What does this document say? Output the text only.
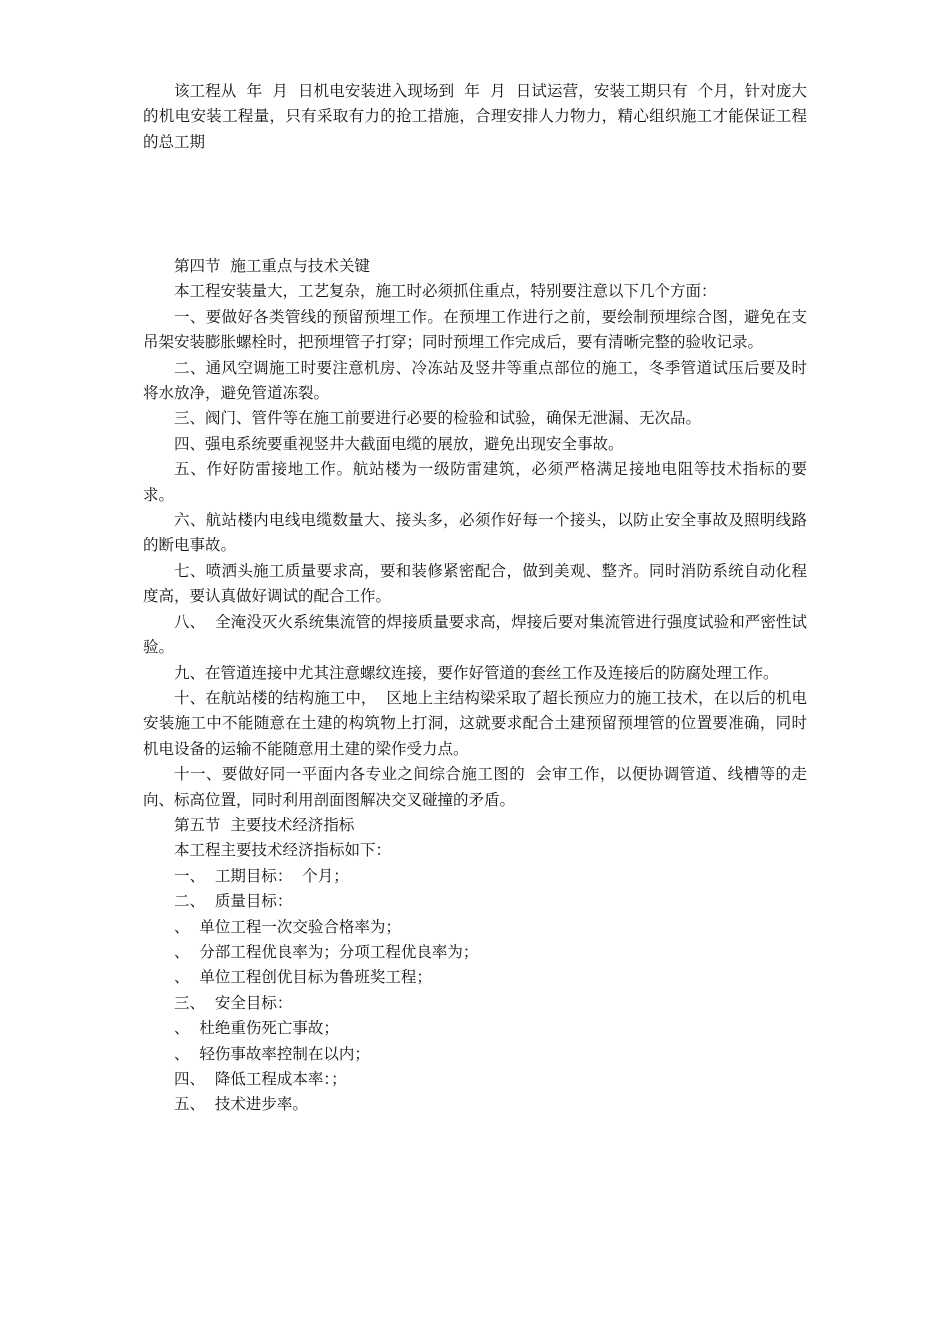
该工程从  年  月  日机电安装进入现场到  年  月  日试运营，安装工期只有  个月，针对庞大的机电安装工程量，只有采取有力的抢工措施，合理安排人力物力，精心组织施工才能保证工程的总工期

第四节  施工重点与技术关键

本工程安装量大，工艺复杂，施工时必须抓住重点，特别要注意以下几个方面：

一、要做好各类管线的预留预埋工作。在预埋工作进行之前，要绘制预埋综合图，避免在支吊架安装膨胀螺栓时，把预埋管子打穿；同时预埋工作完成后，要有清晰完整的验收记录。

二、通风空调施工时要注意机房、冷冻站及竖井等重点部位的施工，冬季管道试压后要及时将水放净，避免管道冻裂。

三、阀门、管件等在施工前要进行必要的检验和试验，确保无泄漏、无次品。

四、强电系统要重视竖井大截面电缆的展放，避免出现安全事故。

五、作好防雷接地工作。航站楼为一级防雷建筑，必须严格满足接地电阻等技术指标的要求。

六、航站楼内电线电缆数量大、接头多，必须作好每一个接头，以防止安全事故及照明线路的断电事故。

七、喷洒头施工质量要求高，要和装修紧密配合，做到美观、整齐。同时消防系统自动化程度高，要认真做好调试的配合工作。

八、  全淹没灭火系统集流管的焊接质量要求高，焊接后要对集流管进行强度试验和严密性试验。

九、在管道连接中尤其注意螺纹连接，要作好管道的套丝工作及连接后的防腐处理工作。

十、在航站楼的结构施工中，  区地上主结构梁采取了超长预应力的施工技术，在以后的机电安装施工中不能随意在土建的构筑物上打洞，这就要求配合土建预留预埋管的位置要准确，同时机电设备的运输不能随意用土建的梁作受力点。

十一、要做好同一平面内各专业之间综合施工图的  会审工作，以便协调管道、线槽等的走向、标高位置，同时利用剖面图解决交叉碰撞的矛盾。

第五节  主要技术经济指标

本工程主要技术经济指标如下：

一、  工期目标：  个月；

二、  质量目标：

、  单位工程一次交验合格率为；

、  分部工程优良率为；分项工程优良率为；

、  单位工程创优目标为鲁班奖工程；

三、  安全目标：

、  杜绝重伤死亡事故；

、  轻伤事故率控制在以内；

四、  降低工程成本率：；

五、  技术进步率。
